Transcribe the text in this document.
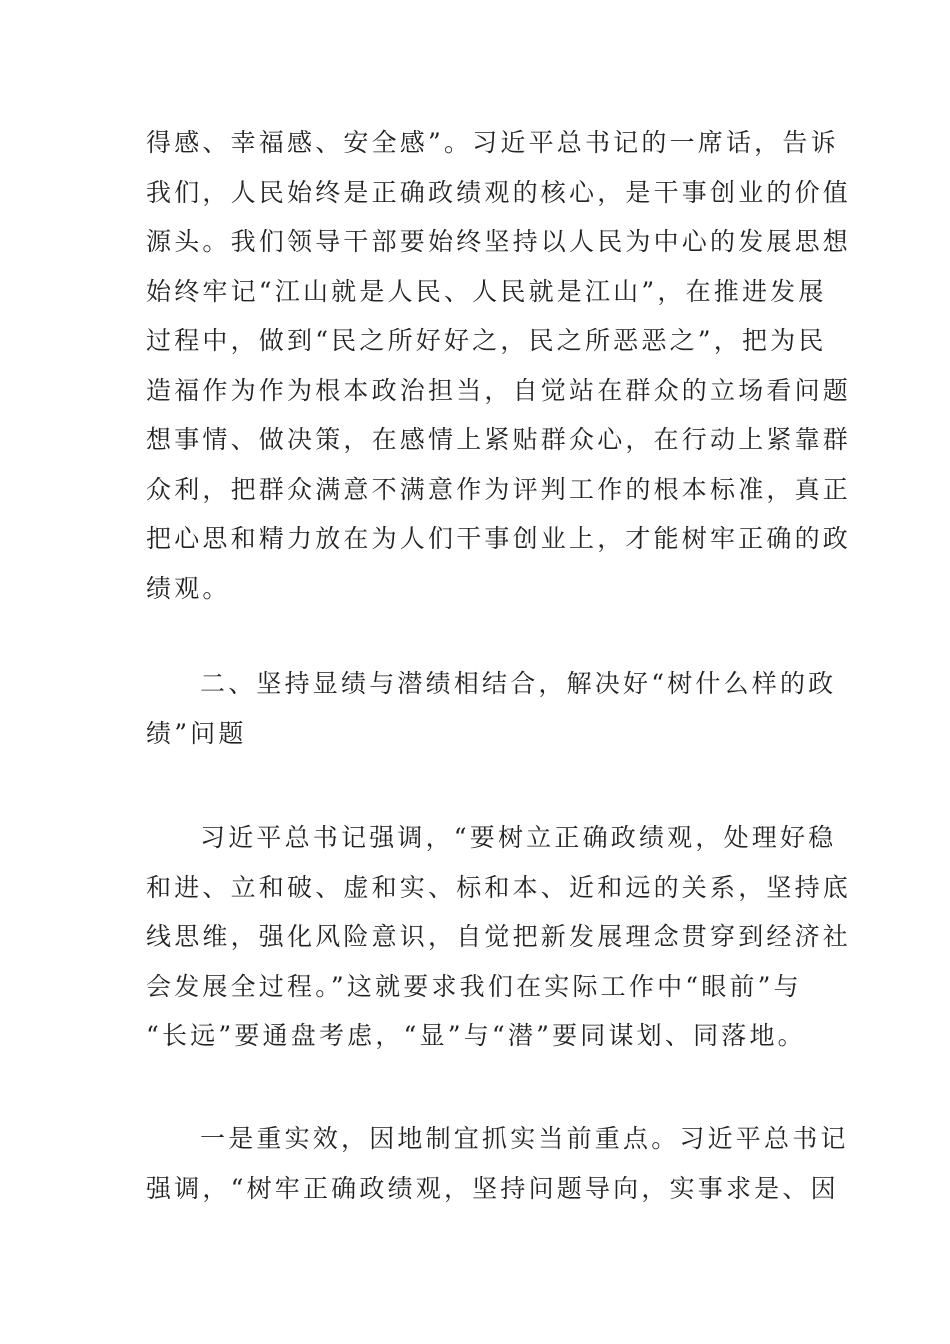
得感、幸福感、安全感”。习近平总书记的一席话，告诉
我们，人民始终是正确政绩观的核心，是干事创业的价值
源头。我们领导干部要始终坚持以人民为中心的发展思想
始终牢记“江山就是人民、人民就是江山”，在推进发展
过程中，做到“民之所好好之，民之所恶恶之”，把为民
造福作为作为根本政治担当，自觉站在群众的立场看问题
想事情、做决策，在感情上紧贴群众心，在行动上紧靠群
众利，把群众满意不满意作为评判工作的根本标准，真正
把心思和精力放在为人们干事创业上，才能树牢正确的政
绩观。
二、坚持显绩与潜绩相结合，解决好“树什么样的政
绩”问题
习近平总书记强调，“要树立正确政绩观，处理好稳
和进、立和破、虚和实、标和本、近和远的关系，坚持底
线思维，强化风险意识，自觉把新发展理念贯穿到经济社
会发展全过程。”这就要求我们在实际工作中“眼前”与
“长远”要通盘考虑，“显”与“潜”要同谋划、同落地。
一是重实效，因地制宜抓实当前重点。习近平总书记
强调，“树牢正确政绩观，坚持问题导向，实事求是、因
